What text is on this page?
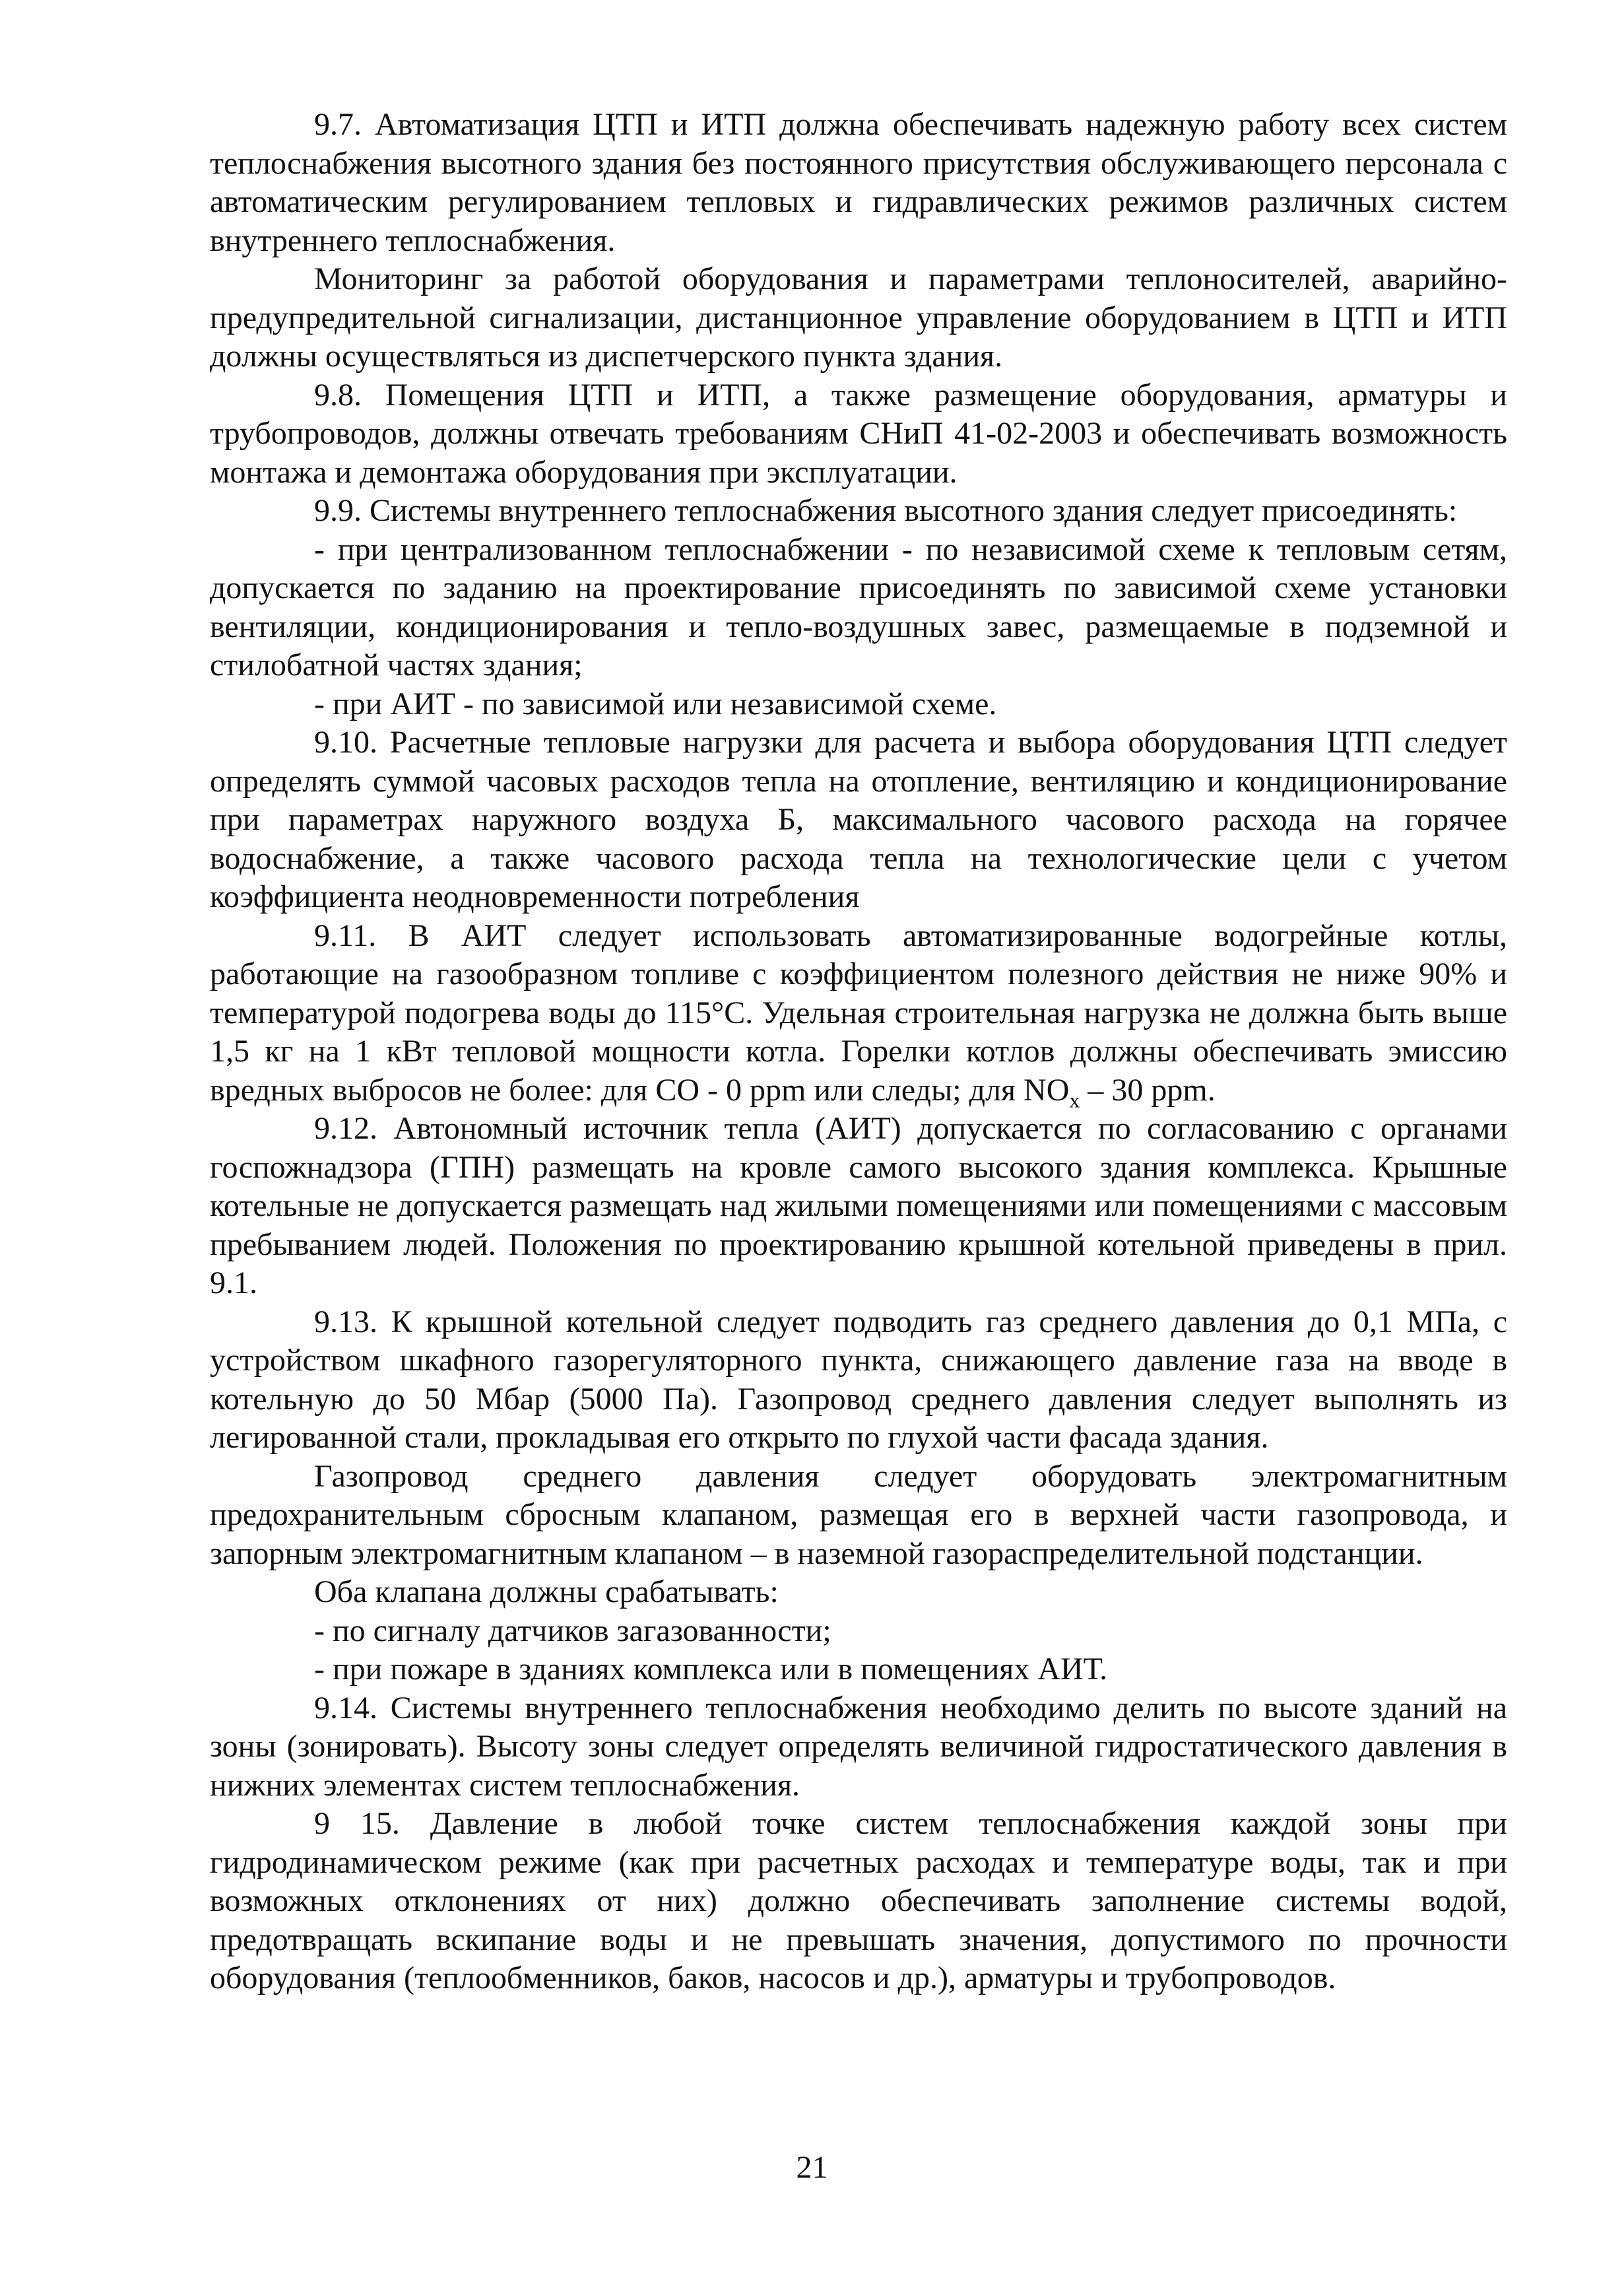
9.7. Автоматизация ЦТП и ИТП должна обеспечивать надежную работу всех систем теплоснабжения высотного здания без постоянного присутствия обслуживающего персонала с автоматическим регулированием тепловых и гидравлических режимов различных систем внутреннего теплоснабжения.

Мониторинг за работой оборудования и параметрами теплоносителей, аварийно-предупредительной сигнализации, дистанционное управление оборудованием в ЦТП и ИТП должны осуществляться из диспетчерского пункта здания.

9.8. Помещения ЦТП и ИТП, а также размещение оборудования, арматуры и трубопроводов, должны отвечать требованиям СНиП 41-02-2003 и обеспечивать возможность монтажа и демонтажа оборудования при эксплуатации.

9.9. Системы внутреннего теплоснабжения высотного здания следует присоединять:

- при централизованном теплоснабжении - по независимой схеме к тепловым сетям, допускается по заданию на проектирование присоединять по зависимой схеме установки вентиляции, кондиционирования и тепло-воздушных завес, размещаемые в подземной и стилобатной частях здания;

- при АИТ - по зависимой или независимой схеме.

9.10. Расчетные тепловые нагрузки для расчета и выбора оборудования ЦТП следует определять суммой часовых расходов тепла на отопление, вентиляцию и кондиционирование при параметрах наружного воздуха Б, максимального часового расхода на горячее водоснабжение, а также часового расхода тепла на технологические цели с учетом коэффициента неодновременности потребления

9.11. В АИТ следует использовать автоматизированные водогрейные котлы, работающие на газообразном топливе с коэффициентом полезного действия не ниже 90% и температурой подогрева воды до 115°С. Удельная строительная нагрузка не должна быть выше 1,5 кг на 1 кВт тепловой мощности котла. Горелки котлов должны обеспечивать эмиссию вредных выбросов не более: для СО - 0 ppm или следы; для $NO_x - 30$ ppm.

9.12. Автономный источник тепла (АИТ) допускается по согласованию с органами госпожнадзора (ГПН) размещать на кровле самого высокого здания комплекса. Крышные котельные не допускается размещать над жилыми помещениями или помещениями с массовым пребыванием людей. Положения по проектированию крышной котельной приведены в прил. 9.1.

9.13. К крышной котельной следует подводить газ среднего давления до 0,1 МПа, с устройством шкафного газорегуляторного пункта, снижающего давление газа на вводе в котельную до 50 Мбар (5000 Па). Газопровод среднего давления следует выполнять из легированной стали, прокладывая его открыто по глухой части фасада здания.

Газопровод среднего давления следует оборудовать электромагнитным предохранительным сбросным клапаном, размещая его в верхней части газопровода, и запорным электромагнитным клапаном – в наземной газораспределительной подстанции.

Оба клапана должны срабатывать:

- по сигналу датчиков загазованности;

- при пожаре в зданиях комплекса или в помещениях АИТ.

9.14. Системы внутреннего теплоснабжения необходимо делить по высоте зданий на зоны (зонировать). Высоту зоны следует определять величиной гидростатического давления в нижних элементах систем теплоснабжения.

9 15. Давление в любой точке систем теплоснабжения каждой зоны при гидродинамическом режиме (как при расчетных расходах и температуре воды, так и при возможных отклонениях от них) должно обеспечивать заполнение системы водой, предотвращать вскипание воды и не превышать значения, допустимого по прочности оборудования (теплообменников, баков, насосов и др.), арматуры и трубопроводов.

21
